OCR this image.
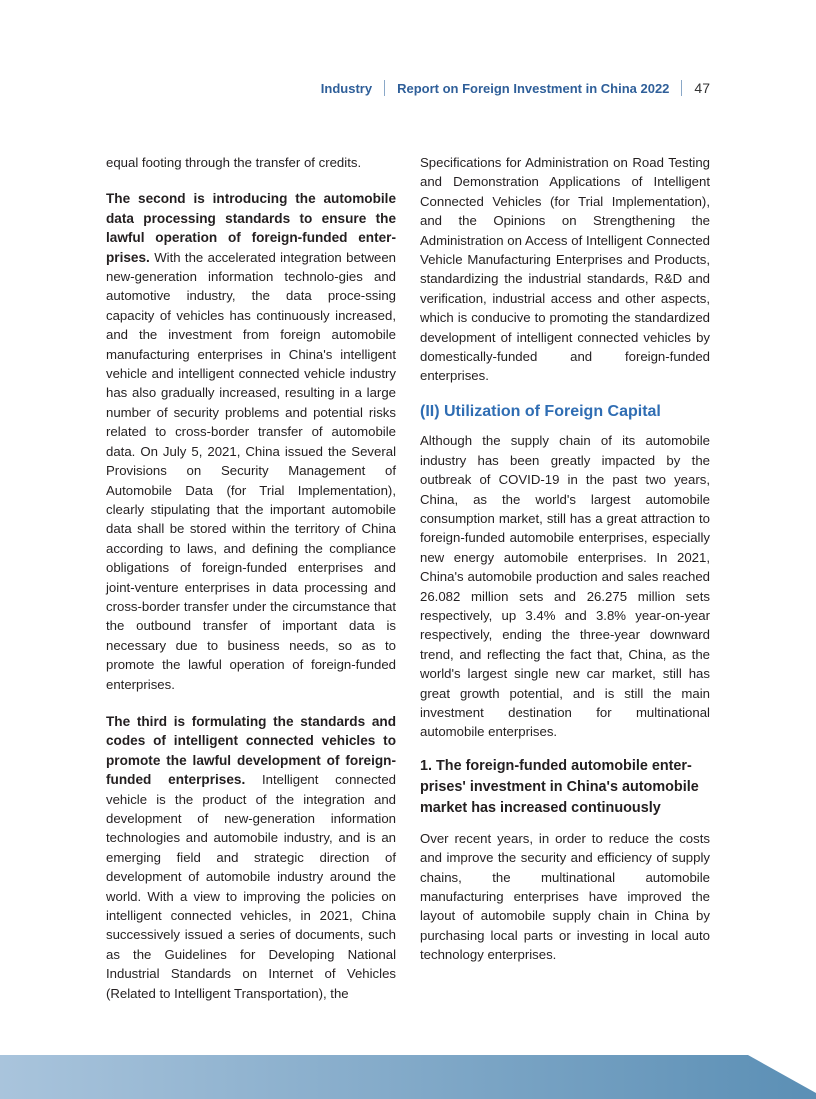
Industry Report on Foreign Investment in China 2022 47

equal footing through the transfer of credits.

The second is introducing the automobile data processing standards to ensure the lawful operation of foreign-funded enter-prises. With the accelerated integration between new-generation information technolo-gies and automotive industry, the data proce-ssing capacity of vehicles has continuously increased, and the investment from foreign automobile manufacturing enterprises in China's intelligent vehicle and intelligent connected vehicle industry has also gradually increased, resulting in a large number of security problems and potential risks related to cross-border transfer of automobile data. On July 5, 2021, China issued the Several Provisions on Security Management of Automobile Data (for Trial Implementation), clearly stipulating that the important automobile data shall be stored within the territory of China according to laws, and defining the compliance obligations of foreign-funded enterprises and joint-venture enterprises in data processing and cross-border transfer under the circumstance that the outbound transfer of important data is necessary due to business needs, so as to promote the lawful operation of foreign-funded enterprises.

The third is formulating the standards and codes of intelligent connected vehicles to promote the lawful development of foreign-funded enterprises. Intelligent connected vehicle is the product of the integration and development of new-generation information technologies and automobile industry, and is an emerging field and strategic direction of development of automobile industry around the world. With a view to improving the policies on intelligent connected vehicles, in 2021, China successively issued a series of documents, such as the Guidelines for Developing National Industrial Standards on Internet of Vehicles (Related to Intelligent Transportation), the

Specifications for Administration on Road Testing and Demonstration Applications of Intelligent Connected Vehicles (for Trial Implementation), and the Opinions on Strengthening the Administration on Access of Intelligent Connected Vehicle Manufacturing Enterprises and Products, standardizing the industrial standards, R&D and verification, industrial access and other aspects, which is conducive to promoting the standardized development of intelligent connected vehicles by domestically-funded and foreign-funded enterprises.

(II) Utilization of Foreign Capital

Although the supply chain of its automobile industry has been greatly impacted by the outbreak of COVID-19 in the past two years, China, as the world's largest automobile consumption market, still has a great attraction to foreign-funded automobile enterprises, especially new energy automobile enterprises. In 2021, China's automobile production and sales reached 26.082 million sets and 26.275 million sets respectively, up 3.4% and 3.8% year-on-year respectively, ending the three-year downward trend, and reflecting the fact that, China, as the world's largest single new car market, still has great growth potential, and is still the main investment destination for multinational automobile enterprises.

1. The foreign-funded automobile enter-prises' investment in China's automobile market has increased continuously

Over recent years, in order to reduce the costs and improve the security and efficiency of supply chains, the multinational automobile manufacturing enterprises have improved the layout of automobile supply chain in China by purchasing local parts or investing in local auto technology enterprises.
